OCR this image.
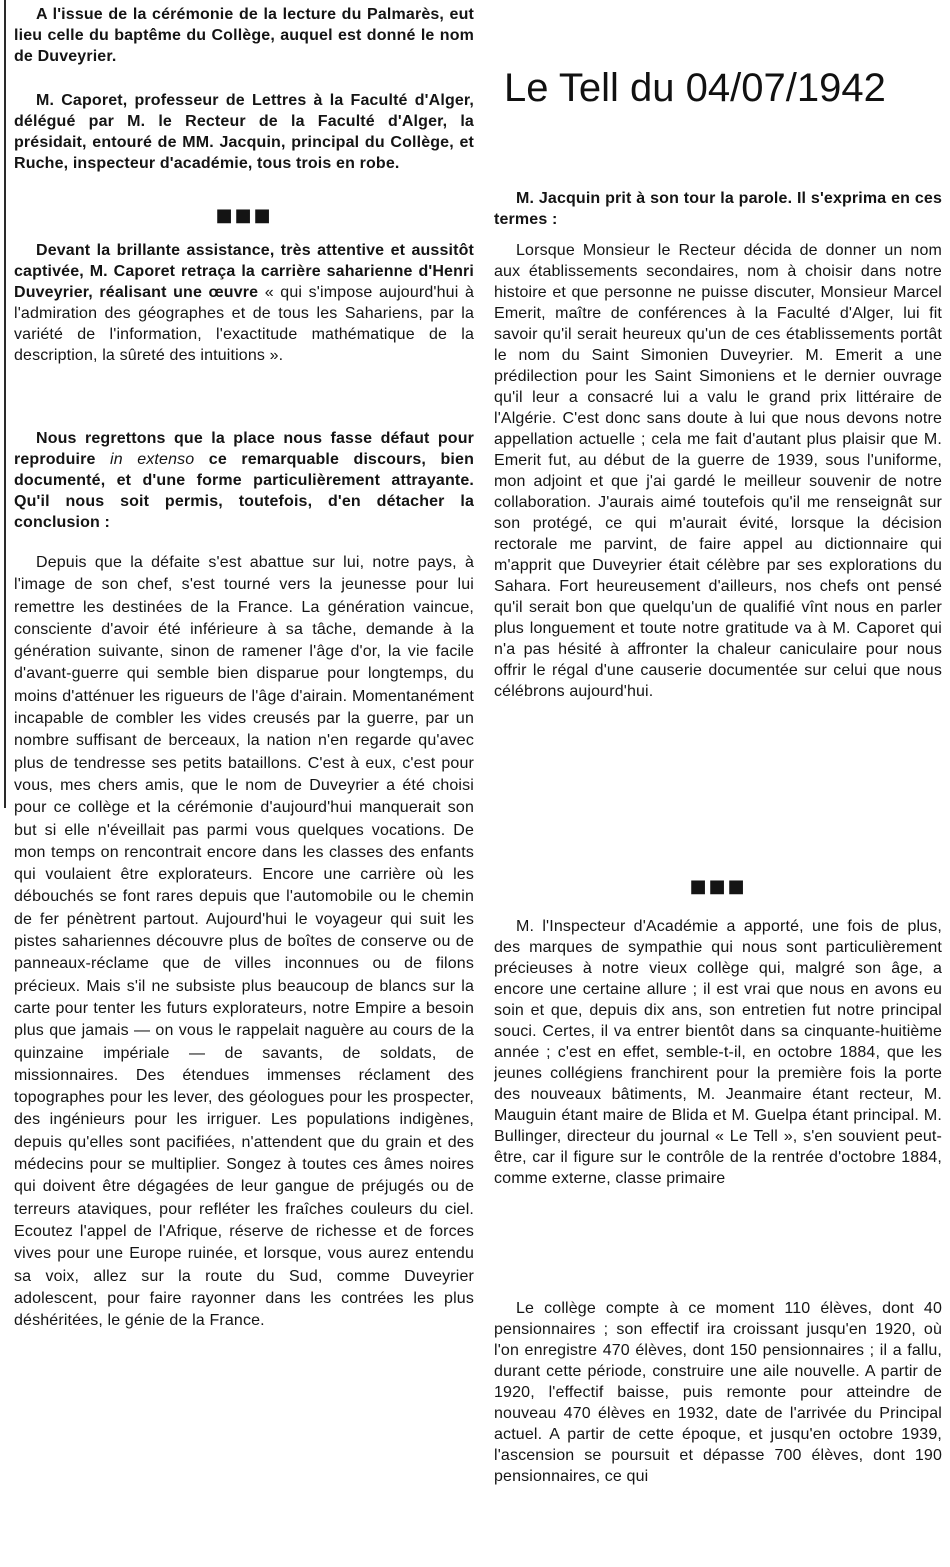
A l'issue de la cérémonie de la lecture du Palmarès, eut lieu celle du baptême du Collège, auquel est donné le nom de Duveyrier.

M. Caporet, professeur de Lettres à la Faculté d'Alger, délégué par M. le Recteur de la Faculté d'Alger, la présidait, entouré de MM. Jacquin, principal du Collège, et Ruche, inspecteur d'académie, tous trois en robe.

■■■

Devant la brillante assistance, très attentive et aussitôt captivée, M. Caporet retraça la carrière saharienne d'Henri Duveyrier, réalisant une œuvre « qui s'impose aujourd'hui à l'admiration des géographes et de tous les Sahariens, par la variété de l'information, l'exactitude mathématique de la description, la sûreté des intuitions ».

Nous regrettons que la place nous fasse défaut pour reproduire in extenso ce remarquable discours, bien documenté, et d'une forme particulièrement attrayante. Qu'il nous soit permis, toutefois, d'en détacher la conclusion :

Depuis que la défaite s'est abattue sur lui, notre pays, à l'image de son chef, s'est tourné vers la jeunesse pour lui remettre les destinées de la France. La génération vaincue, consciente d'avoir été inférieure à sa tâche, demande à la génération suivante, sinon de ramener l'âge d'or, la vie facile d'avant-guerre qui semble bien disparue pour longtemps, du moins d'atténuer les rigueurs de l'âge d'airain. Momentanément incapable de combler les vides creusés par la guerre, par un nombre suffisant de berceaux, la nation n'en regarde qu'avec plus de tendresse ses petits bataillons. C'est à eux, c'est pour vous, mes chers amis, que le nom de Duveyrier a été choisi pour ce collège et la cérémonie d'aujourd'hui manquerait son but si elle n'éveillait pas parmi vous quelques vocations. De mon temps on rencontrait encore dans les classes des enfants qui voulaient être explorateurs. Encore une carrière où les débouchés se font rares depuis que l'automobile ou le chemin de fer pénètrent partout. Aujourd'hui le voyageur qui suit les pistes sahariennes découvre plus de boîtes de conserve ou de panneaux-réclame que de villes inconnues ou de filons précieux. Mais s'il ne subsiste plus beaucoup de blancs sur la carte pour tenter les futurs explorateurs, notre Empire a besoin plus que jamais — on vous le rappelait naguère au cours de la quinzaine impériale — de savants, de soldats, de missionnaires. Des étendues immenses réclament des topographes pour les lever, des géologues pour les prospecter, des ingénieurs pour les irriguer. Les populations indigènes, depuis qu'elles sont pacifiées, n'attendent que du grain et des médecins pour se multiplier. Songez à toutes ces âmes noires qui doivent être dégagées de leur gangue de préjugés ou de terreurs ataviques, pour refléter les fraîches couleurs du ciel. Ecoutez l'appel de l'Afrique, réserve de richesse et de forces vives pour une Europe ruinée, et lorsque, vous aurez entendu sa voix, allez sur la route du Sud, comme Duveyrier adolescent, pour faire rayonner dans les contrées les plus déshéritées, le génie de la France.

Le Tell du 04/07/1942

M. Jacquin prit à son tour la parole. Il s'exprima en ces termes :

Lorsque Monsieur le Recteur décida de donner un nom aux établissements secondaires, nom à choisir dans notre histoire et que personne ne puisse discuter, Monsieur Marcel Emerit, maître de conférences à la Faculté d'Alger, lui fit savoir qu'il serait heureux qu'un de ces établissements portât le nom du Saint Simonien Duveyrier. M. Emerit a une prédilection pour les Saint Simoniens et le dernier ouvrage qu'il leur a consacré lui a valu le grand prix littéraire de l'Algérie. C'est donc sans doute à lui que nous devons notre appellation actuelle ; cela me fait d'autant plus plaisir que M. Emerit fut, au début de la guerre de 1939, sous l'uniforme, mon adjoint et que j'ai gardé le meilleur souvenir de notre collaboration. J'aurais aimé toutefois qu'il me renseignât sur son protégé, ce qui m'aurait évité, lorsque la décision rectorale me parvint, de faire appel au dictionnaire qui m'apprit que Duveyrier était célèbre par ses explorations du Sahara. Fort heureusement d'ailleurs, nos chefs ont pensé qu'il serait bon que quelqu'un de qualifié vînt nous en parler plus longuement et toute notre gratitude va à M. Caporet qui n'a pas hésité à affronter la chaleur caniculaire pour nous offrir le régal d'une causerie documentée sur celui que nous célébrons aujourd'hui.

■■■

M. l'Inspecteur d'Académie a apporté, une fois de plus, des marques de sympathie qui nous sont particulièrement précieuses à notre vieux collège qui, malgré son âge, a encore une certaine allure ; il est vrai que nous en avons eu soin et que, depuis dix ans, son entretien fut notre principal souci. Certes, il va entrer bientôt dans sa cinquante-huitième année ; c'est en effet, semble-t-il, en octobre 1884, que les jeunes collégiens franchirent pour la première fois la porte des nouveaux bâtiments, M. Jeanmaire étant recteur, M. Mauguin étant maire de Blida et M. Guelpa étant principal. M. Bullinger, directeur du journal « Le Tell », s'en souvient peut-être, car il figure sur le contrôle de la rentrée d'octobre 1884, comme externe, classe primaire

Le collège compte à ce moment 110 élèves, dont 40 pensionnaires ; son effectif ira croissant jusqu'en 1920, où l'on enregistre 470 élèves, dont 150 pensionnaires ; il a fallu, durant cette période, construire une aile nouvelle. A partir de 1920, l'effectif baisse, puis remonte pour atteindre de nouveau 470 élèves en 1932, date de l'arrivée du Principal actuel. A partir de cette époque, et jusqu'en octobre 1939, l'ascension se poursuit et dépasse 700 élèves, dont 190 pensionnaires, ce qui
